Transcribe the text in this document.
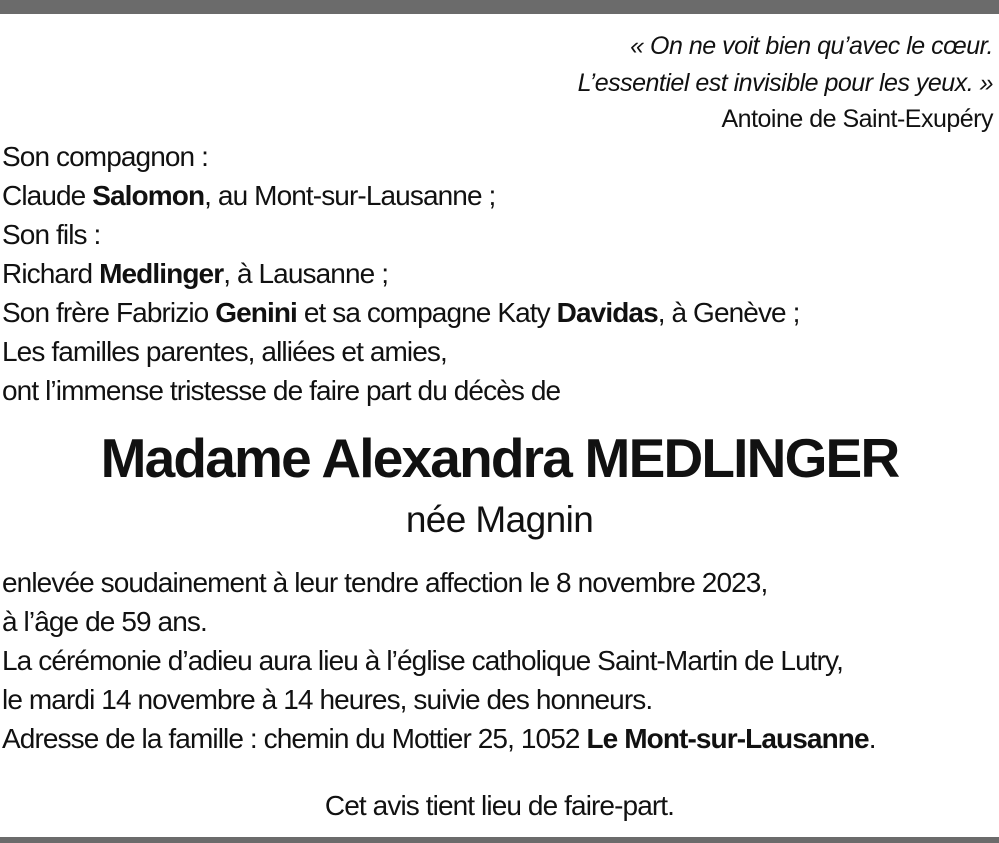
« On ne voit bien qu’avec le cœur.
L’essentiel est invisible pour les yeux. »
Antoine de Saint-Exupéry
Son compagnon :
Claude Salomon, au Mont-sur-Lausanne ;
Son fils :
Richard Medlinger, à Lausanne ;
Son frère Fabrizio Genini et sa compagne Katy Davidas, à Genève ;
Les familles parentes, alliées et amies,
ont l’immense tristesse de faire part du décès de
Madame Alexandra MEDLINGER
née Magnin
enlevée soudainement à leur tendre affection le 8 novembre 2023,
à l’âge de 59 ans.
La cérémonie d’adieu aura lieu à l’église catholique Saint-Martin de Lutry,
le mardi 14 novembre à 14 heures, suivie des honneurs.
Adresse de la famille : chemin du Mottier 25, 1052 Le Mont-sur-Lausanne.
Cet avis tient lieu de faire-part.
